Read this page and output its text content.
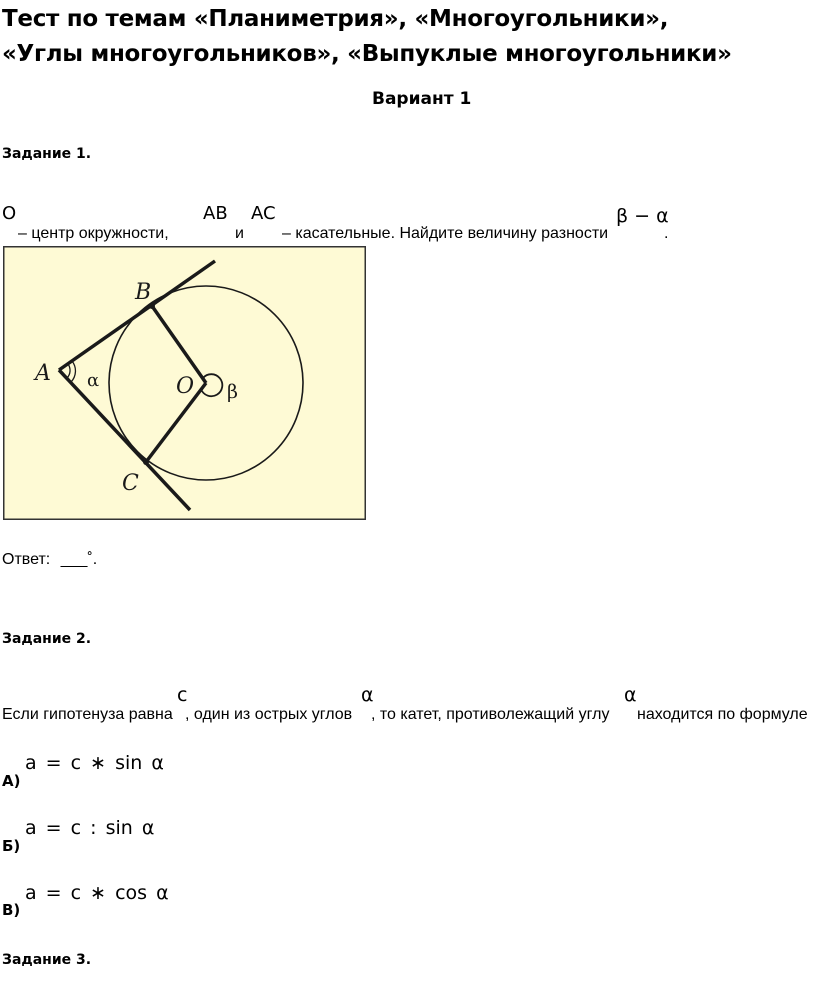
Тест по темам «Планиметрия», «Многоугольники»,
«Углы многоугольников», «Выпуклые многоугольники»
Вариант 1
Задание 1.
O
– центр окружности,
AB
и
AC
– касательные. Найдите величину разности
β − α
.
A
B
C
O
α
β
Ответ: ___˚.
Задание 2.
Если гипотенуза равна
c
, один из острых углов
α
, то катет, противолежащий углу
α
находится по формуле
a = c ∗ sin α
А)
a = c : sin α
Б)
a = c ∗ cos α
В)
Задание 3.
